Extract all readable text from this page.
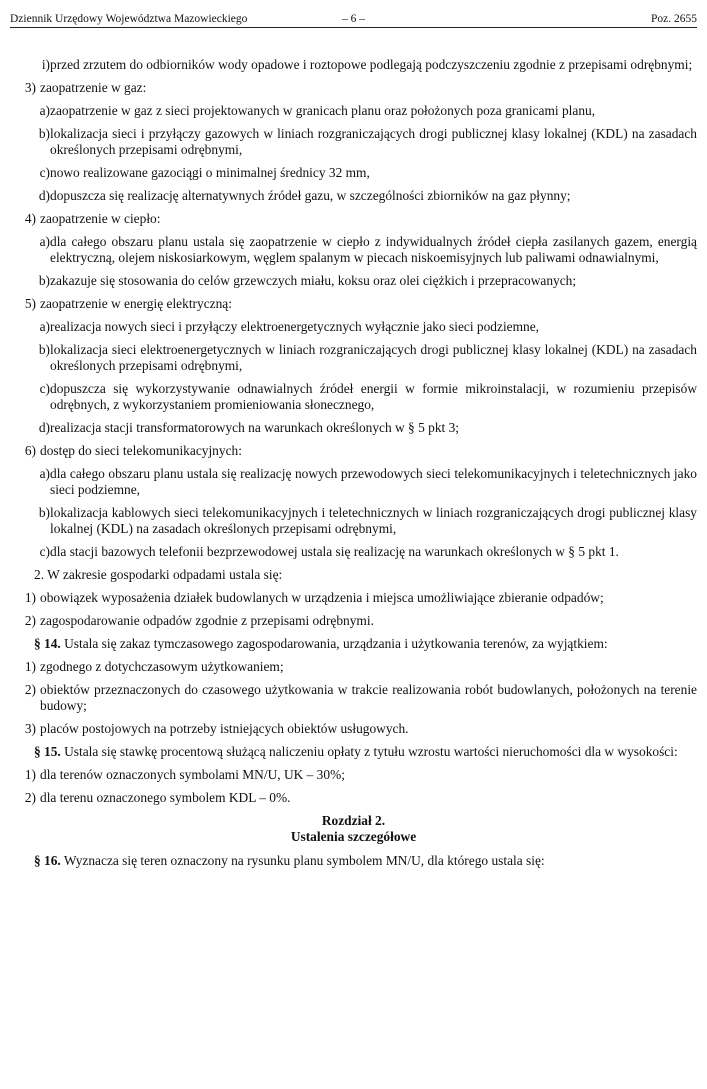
Dziennik Urzędowy Województwa Mazowieckiego	– 6 –	Poz. 2655
i) przed zrzutem do odbiorników wody opadowe i roztopowe podlegają podczyszczeniu zgodnie z przepisami odrębnymi;
3) zaopatrzenie w gaz:
a) zaopatrzenie w gaz z sieci projektowanych w granicach planu oraz położonych poza granicami planu,
b) lokalizacja sieci i przyłączy gazowych w liniach rozgraniczających drogi publicznej klasy lokalnej (KDL) na zasadach określonych przepisami odrębnymi,
c) nowo realizowane gazociągi o minimalnej średnicy 32 mm,
d) dopuszcza się realizację alternatywnych źródeł gazu, w szczególności zbiorników na gaz płynny;
4) zaopatrzenie w ciepło:
a) dla całego obszaru planu ustala się zaopatrzenie w ciepło z indywidualnych źródeł ciepła zasilanych gazem, energią elektryczną, olejem niskosiarkowym, węglem spalanym w piecach niskoemisyjnych lub paliwami odnawialnymi,
b) zakazuje się stosowania do celów grzewczych miału, koksu oraz olei ciężkich i przepracowanych;
5) zaopatrzenie w energię elektryczną:
a) realizacja nowych sieci i przyłączy elektroenergetycznych wyłącznie jako sieci podziemne,
b) lokalizacja sieci elektroenergetycznych w liniach rozgraniczających drogi publicznej klasy lokalnej (KDL) na zasadach określonych przepisami odrębnymi,
c) dopuszcza się wykorzystywanie odnawialnych źródeł energii w formie mikroinstalacji, w rozumieniu przepisów odrębnych, z wykorzystaniem promieniowania słonecznego,
d) realizacja stacji transformatorowych na warunkach określonych w § 5 pkt 3;
6) dostęp do sieci telekomunikacyjnych:
a) dla całego obszaru planu ustala się realizację nowych przewodowych sieci telekomunikacyjnych i teletechnicznych jako sieci podziemne,
b) lokalizacja kablowych sieci telekomunikacyjnych i teletechnicznych w liniach rozgraniczających drogi publicznej klasy lokalnej (KDL) na zasadach określonych przepisami odrębnymi,
c) dla stacji bazowych telefonii bezprzewodowej ustala się realizację na warunkach określonych w § 5 pkt 1.
2. W zakresie gospodarki odpadami ustala się:
1) obowiązek wyposażenia działek budowlanych w urządzenia i miejsca umożliwiające zbieranie odpadów;
2) zagospodarowanie odpadów zgodnie z przepisami odrębnymi.
§ 14. Ustala się zakaz tymczasowego zagospodarowania, urządzania i użytkowania terenów, za wyjątkiem:
1) zgodnego z dotychczasowym użytkowaniem;
2) obiektów przeznaczonych do czasowego użytkowania w trakcie realizowania robót budowlanych, położonych na terenie budowy;
3) placów postojowych na potrzeby istniejących obiektów usługowych.
§ 15. Ustala się stawkę procentową służącą naliczeniu opłaty z tytułu wzrostu wartości nieruchomości dla w wysokości:
1) dla terenów oznaczonych symbolami MN/U, UK – 30%;
2) dla terenu oznaczonego symbolem KDL – 0%.
Rozdział 2.
Ustalenia szczegółowe
§ 16. Wyznacza się teren oznaczony na rysunku planu symbolem MN/U, dla którego ustala się:
